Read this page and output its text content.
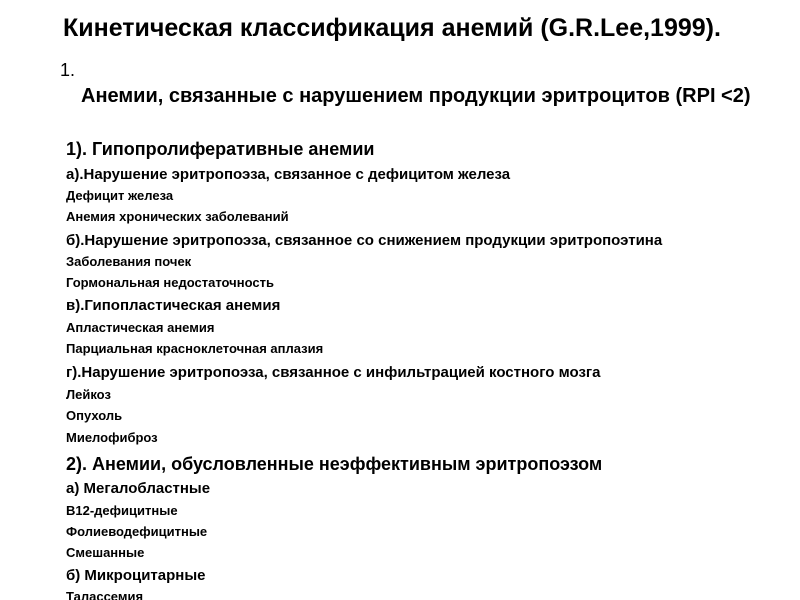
Кинетическая классификация анемий (G.R.Lee,1999).
1.
Анемии, связанные с нарушением продукции эритроцитов (RPI <2)
1). Гипопролиферативные анемии
а).Нарушение эритропоэза, связанное с дефицитом железа
Дефицит железа
Анемия хронических заболеваний
б).Нарушение эритропоэза, связанное со снижением продукции эритропоэтина
Заболевания почек
Гормональная недостаточность
в).Гипопластическая анемия
Апластическая анемия
Парциальная красноклеточная аплазия
г).Нарушение эритропоэза, связанное с инфильтрацией костного мозга
Лейкоз
Опухоль
Миелофиброз
2). Анемии, обусловленные неэффективным эритропоэзом
а) Мегалобластные
B12-дефицитные
Фолиеводефицитные
Смешанные
б) Микроцитарные
Талассемия
